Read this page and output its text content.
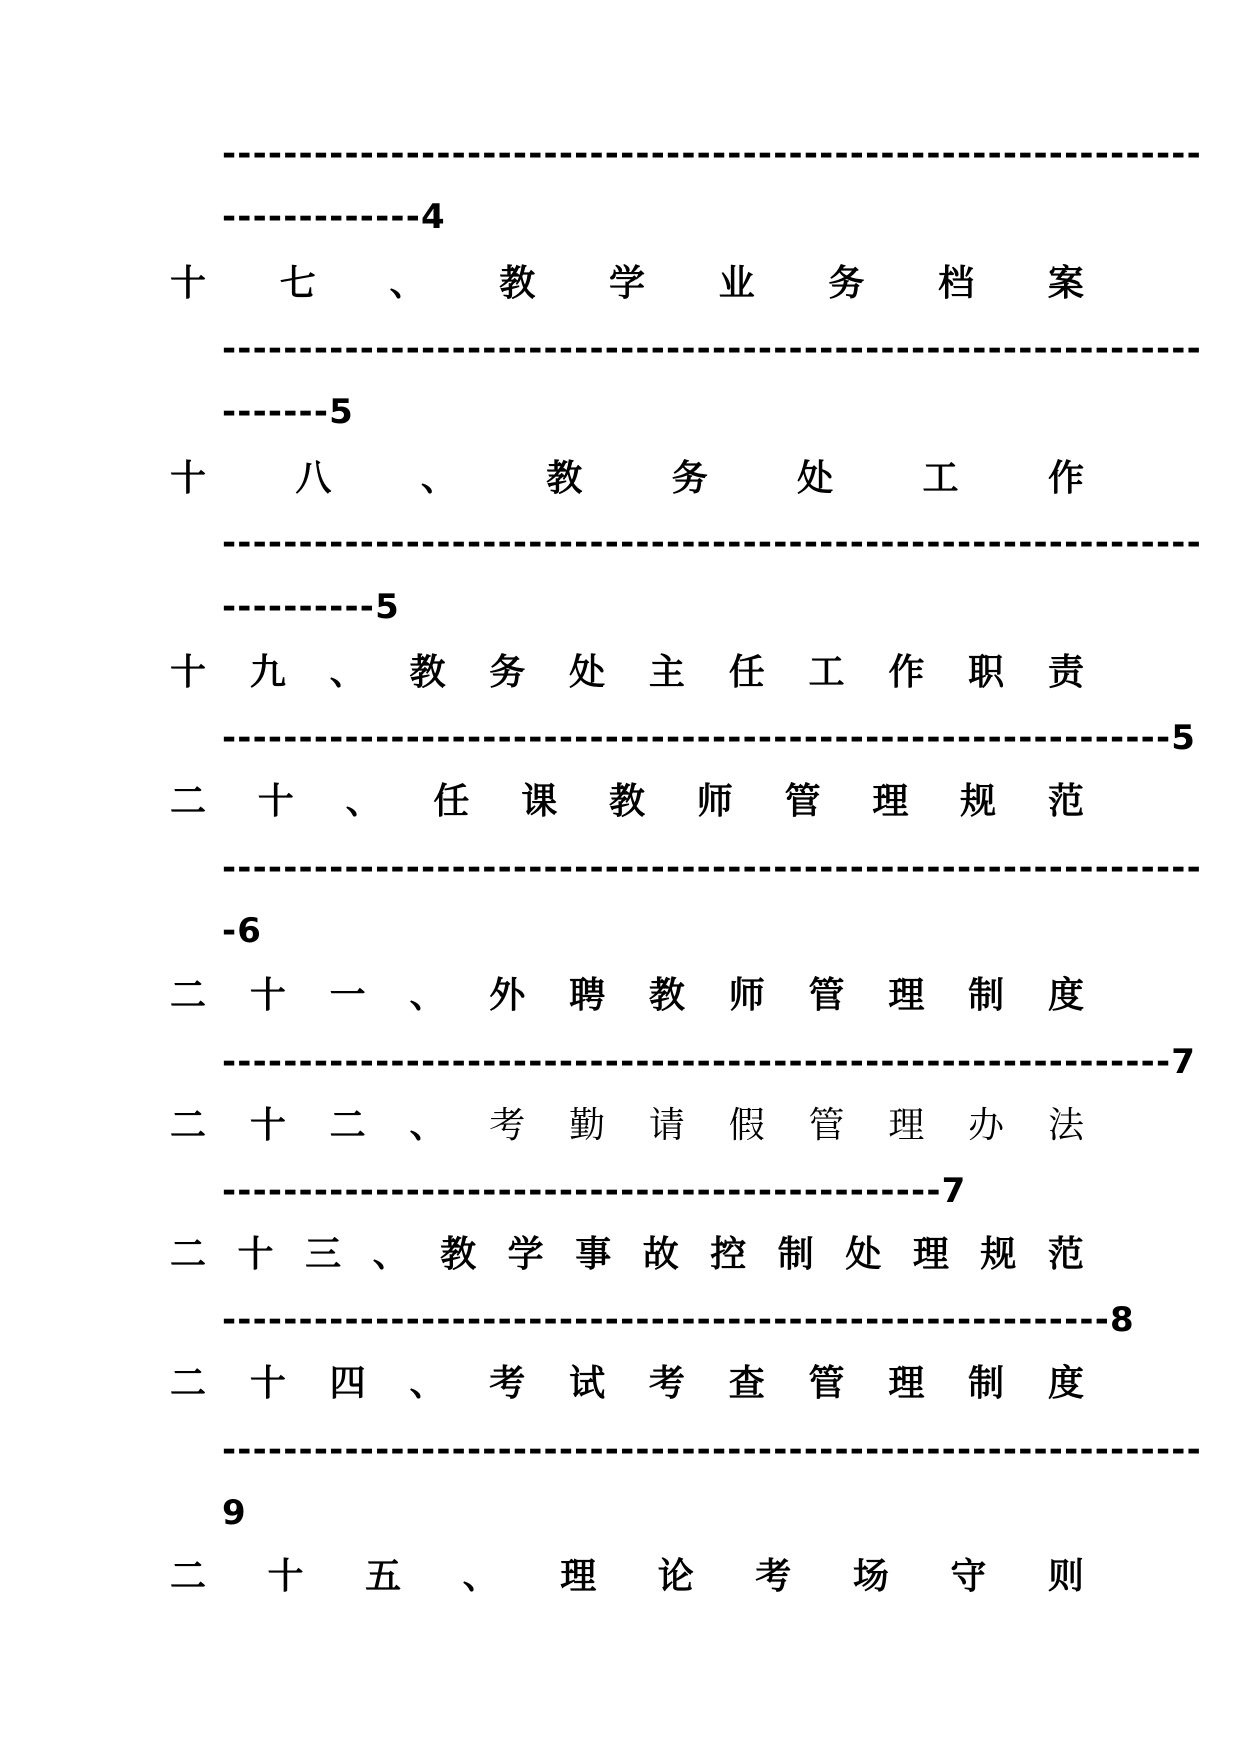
----------------------------------------------------------------
-------------4
十 七 、 教 学 业 务 档 案
----------------------------------------------------------------
-------5
十 八 、 教 务 处 工 作
----------------------------------------------------------------
----------5
十 九 、 教 务 处 主 任 工 作 职 责
--------------------------------------------------------------5
二 十 、 任 课 教 师 管 理 规 范
----------------------------------------------------------------
-6
二 十 一 、 外 聘 教 师 管 理 制 度
--------------------------------------------------------------7
二 十 二 、 考 勤 请 假 管 理 办 法
-----------------------------------------------7
二 十 三 、 教 学 事 故 控 制 处 理 规 范
----------------------------------------------------------8
二 十 四 、 考 试 考 查 管 理 制 度
----------------------------------------------------------------
9
二 十 五 、 理 论 考 场 守 则
